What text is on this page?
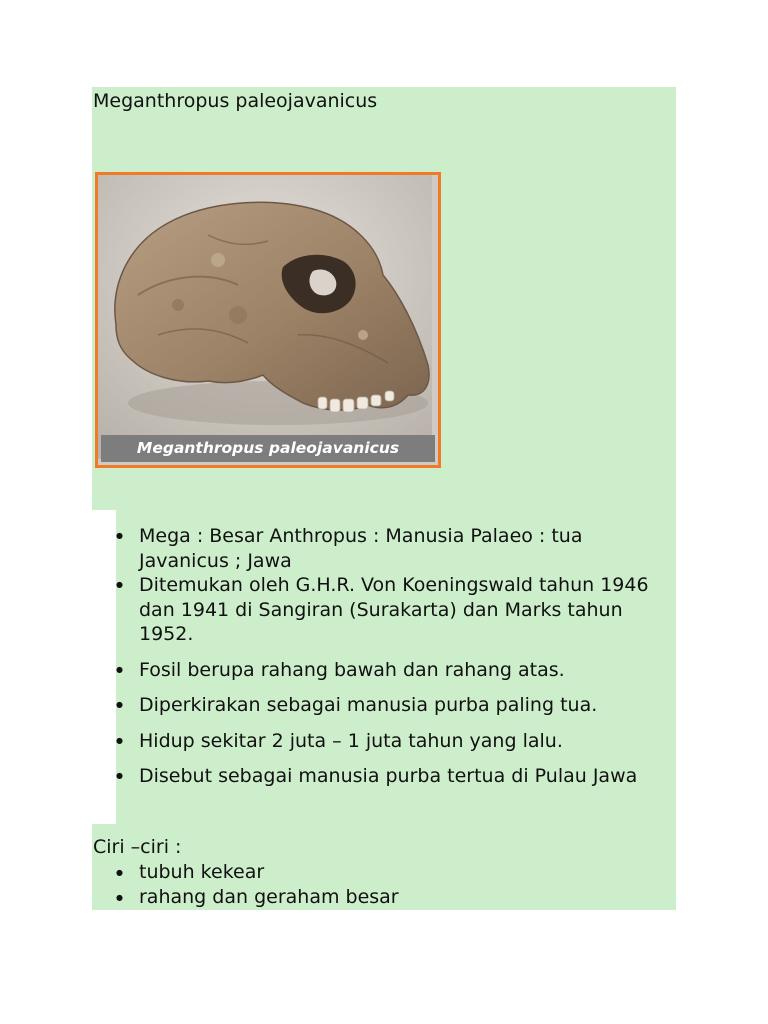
Meganthropus paleojavanicus
Meganthropus paleojavanicus
● Mega : Besar Anthropus : Manusia Palaeo : tua Javanicus ; Jawa
● Ditemukan oleh G.H.R. Von Koeningswald tahun 1946 dan 1941 di Sangiran (Surakarta) dan Marks tahun 1952.
● Fosil berupa rahang bawah dan rahang atas.
● Diperkirakan sebagai manusia purba paling tua.
● Hidup sekitar 2 juta – 1 juta tahun yang lalu.
● Disebut sebagai manusia purba tertua di Pulau Jawa
Ciri –ciri :
● tubuh kekear
● rahang dan geraham besar
